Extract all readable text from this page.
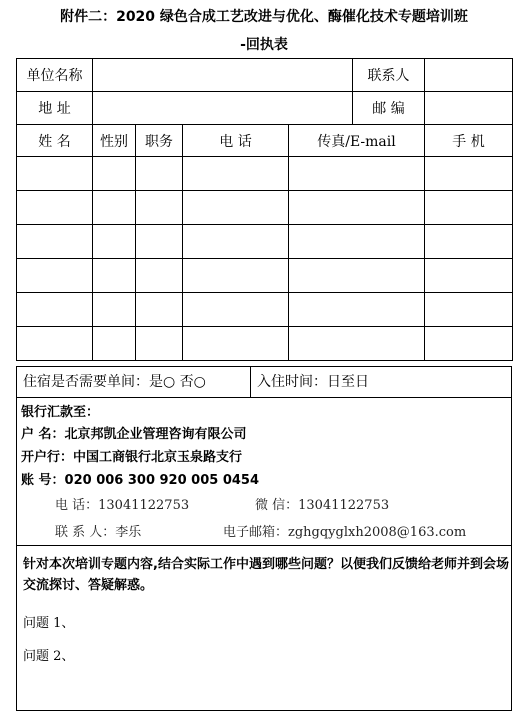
附件二：2020 绿色合成工艺改进与优化、酶催化技术专题培训班
-回执表
单位名称					联系人	
地 址					邮 编	
姓 名	性别	职务	电 话	传真/E-mail		手 机

住宿是否需要单间：是○ 否○	入住时间：日至日
银行汇款至：
户 名：北京邦凯企业管理咨询有限公司
开户行：中国工商银行北京玉泉路支行
账 号：020 006 300 920 005 0454
电 话：13041122753	微 信：13041122753
联 系 人：李乐	电子邮箱：zghgqyglxh2008@163.com
针对本次培训专题内容,结合实际工作中遇到哪些问题？以便我们反馈给老师并到会场交流探讨、答疑解惑。
问题 1、
问题 2、
